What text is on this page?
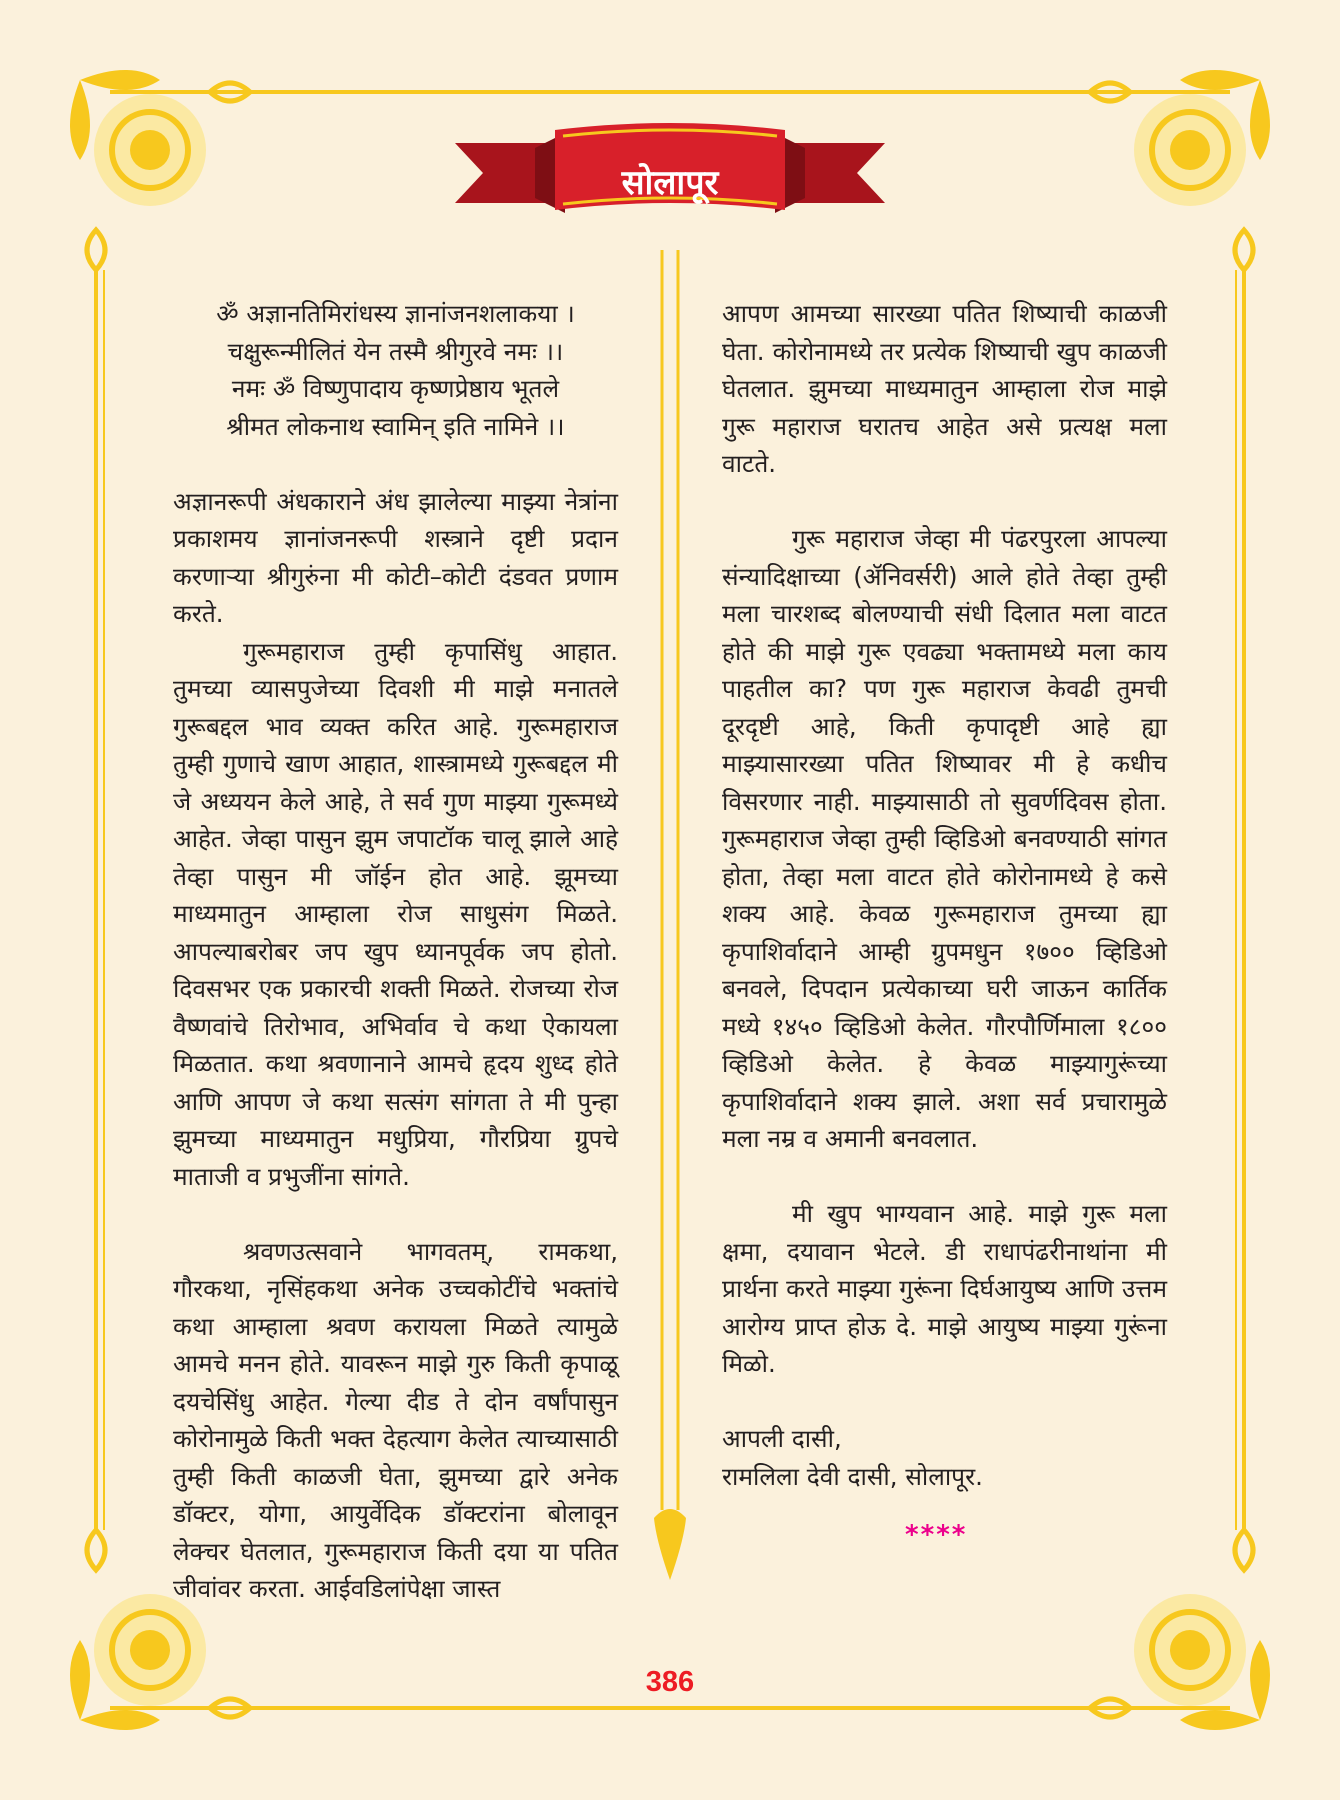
सोलापूर

ॐ अज्ञानतिमिरांधस्य ज्ञानांजनशलाकया ।
चक्षुरून्मीलितं येन तस्मै श्रीगुरवे नमः ।।
नमः ॐ विष्णुपादाय कृष्णप्रेष्ठाय भूतले
श्रीमत लोकनाथ स्वामिन् इति नामिने ।।

अज्ञानरूपी अंधकाराने अंध झालेल्या माझ्या नेत्रांना प्रकाशमय ज्ञानांजनरूपी शस्त्राने दृष्टी प्रदान करणाऱ्या श्रीगुरुंना मी कोटी–कोटी दंडवत प्रणाम करते.

गुरूमहाराज तुम्ही कृपासिंधु आहात. तुमच्या व्यासपुजेच्या दिवशी मी माझे मनातले गुरूबद्दल भाव व्यक्त करित आहे. गुरूमहाराज तुम्ही गुणाचे खाण आहात, शास्त्रामध्ये गुरूबद्दल मी जे अध्ययन केले आहे, ते सर्व गुण माझ्या गुरूमध्ये आहेत. जेव्हा पासुन झुम जपाटॉक चालू झाले आहे तेव्हा पासुन मी जॉईन होत आहे. झूमच्या माध्यमातुन आम्हाला रोज साधुसंग मिळते. आपल्याबरोबर जप खुप ध्यानपूर्वक जप होतो. दिवसभर एक प्रकारची शक्ती मिळते. रोजच्या रोज वैष्णवांचे तिरोभाव, अभिर्वाव चे कथा ऐकायला मिळतात. कथा श्रवणानाने आमचे हृदय शुध्द होते आणि आपण जे कथा सत्संग सांगता ते मी पुन्हा झुमच्या माध्यमातुन मधुप्रिया, गौरप्रिया ग्रुपचे माताजी व प्रभुजींना सांगते.

श्रवणउत्सवाने भागवतम्, रामकथा, गौरकथा, नृसिंहकथा अनेक उच्चकोटींचे भक्तांचे कथा आम्हाला श्रवण करायला मिळते त्यामुळे आमचे मनन होते. यावरून माझे गुरु किती कृपाळू दयचेसिंधु आहेत. गेल्या दीड ते दोन वर्षांपासुन कोरोनामुळे किती भक्त देहत्याग केलेत त्याच्यासाठी तुम्ही किती काळजी घेता, झुमच्या द्वारे अनेक डॉक्टर, योगा, आयुर्वेदिक डॉक्टरांना बोलावून लेक्चर घेतलात, गुरूमहाराज किती दया या पतित जीवांवर करता. आईवडिलांपेक्षा जास्त

आपण आमच्या सारख्या पतित शिष्याची काळजी घेता. कोरोनामध्ये तर प्रत्येक शिष्याची खुप काळजी घेतलात. झुमच्या माध्यमातुन आम्हाला रोज माझे गुरू महाराज घरातच आहेत असे प्रत्यक्ष मला वाटते.

गुरू महाराज जेव्हा मी पंढरपुरला आपल्या संन्यादिक्षाच्या (ॲनिवर्सरी) आले होते तेव्हा तुम्ही मला चारशब्द बोलण्याची संधी दिलात मला वाटत होते की माझे गुरू एवढ्या भक्तामध्ये मला काय पाहतील का? पण गुरू महाराज केवढी तुमची दूरदृष्टी आहे, किती कृपादृष्टी आहे ह्या माझ्यासारख्या पतित शिष्यावर मी हे कधीच विसरणार नाही. माझ्यासाठी तो सुवर्णदिवस होता. गुरूमहाराज जेव्हा तुम्ही व्हिडिओ बनवण्याठी सांगत होता, तेव्हा मला वाटत होते कोरोनामध्ये हे कसे शक्य आहे. केवळ गुरूमहाराज तुमच्या ह्या कृपाशिर्वादाने आम्ही ग्रुपमधुन १७०० व्हिडिओ बनवले, दिपदान प्रत्येकाच्या घरी जाऊन कार्तिक मध्ये १४५० व्हिडिओ केलेत. गौरपौर्णिमाला १८०० व्हिडिओ केलेत. हे केवळ माझ्यागुरूंच्या कृपाशिर्वादाने शक्य झाले. अशा सर्व प्रचारामुळे मला नम्र व अमानी बनवलात.

मी खुप भाग्यवान आहे. माझे गुरू मला क्षमा, दयावान भेटले. डी राधापंढरीनाथांना मी प्रार्थना करते माझ्या गुरूंना दिर्घआयुष्य आणि उत्तम आरोग्य प्राप्त होऊ दे. माझे आयुष्य माझ्या गुरूंना मिळो.

आपली दासी,

रामलिला देवी दासी, सोलापूर.

****
386
